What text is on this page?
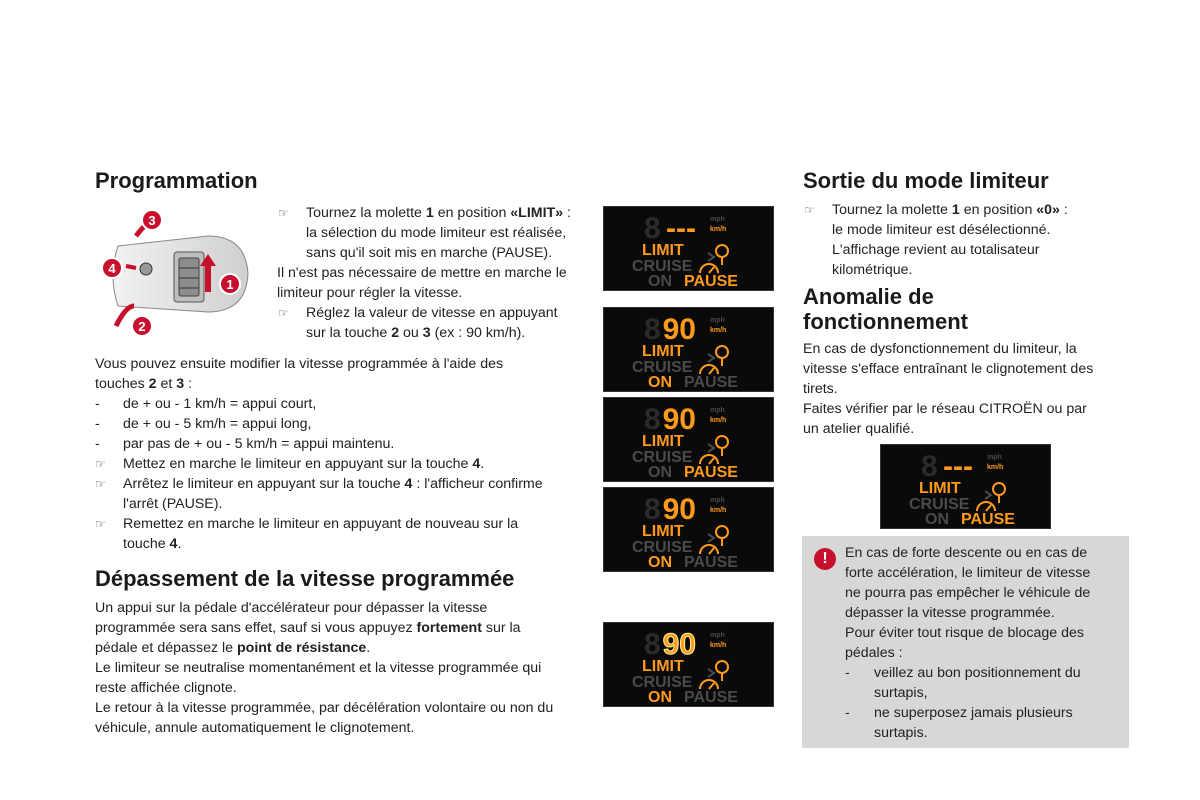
Programmation
3
4
1
2
☞ Tournez la molette 1 en position «LIMIT» :
la sélection du mode limiteur est réalisée,
sans qu'il soit mis en marche (PAUSE).
Il n'est pas nécessaire de mettre en marche le
limiteur pour régler la vitesse.
☞ Réglez la valeur de vitesse en appuyant
sur la touche 2 ou 3 (ex : 90 km/h).
Vous pouvez ensuite modifier la vitesse programmée à l'aide des
touches 2 et 3 :
- de + ou - 1 km/h = appui court,
- de + ou - 5 km/h = appui long,
- par pas de + ou - 5 km/h = appui maintenu.
☞ Mettez en marche le limiteur en appuyant sur la touche 4.
☞ Arrêtez le limiteur en appuyant sur la touche 4 : l'afficheur confirme
l'arrêt (PAUSE).
☞ Remettez en marche le limiteur en appuyant de nouveau sur la
touche 4.
Dépassement de la vitesse programmée
Un appui sur la pédale d'accélérateur pour dépasser la vitesse
programmée sera sans effet, sauf si vous appuyez fortement sur la
pédale et dépassez le point de résistance.
Le limiteur se neutralise momentanément et la vitesse programmée qui
reste affichée clignote.
Le retour à la vitesse programmée, par décélération volontaire ou non du
véhicule, annule automatiquement le clignotement.
---
8	mph
km/h
LIMIT
CRUISE
ON PAUSE
90
8	mph
km/h
LIMIT
CRUISE
ON PAUSE
90
8	mph
km/h
LIMIT
CRUISE
ON PAUSE
90
8	mph
km/h
LIMIT
CRUISE
ON PAUSE
90
8	mph
km/h
LIMIT
CRUISE
ON PAUSE
Sortie du mode limiteur
☞ Tournez la molette 1 en position «0» :
le mode limiteur est désélectionné.
L'affichage revient au totalisateur
kilométrique.
Anomalie de
fonctionnement
En cas de dysfonctionnement du limiteur, la
vitesse s'efface entraînant le clignotement des
tirets.
Faites vérifier par le réseau CITROËN ou par
un atelier qualifié.
---
8	mph
km/h
LIMIT
CRUISE
ON PAUSE
!	En cas de forte descente ou en cas de
forte accélération, le limiteur de vitesse
ne pourra pas empêcher le véhicule de
dépasser la vitesse programmée.
Pour éviter tout risque de blocage des
pédales :
- veillez au bon positionnement du
surtapis,
- ne superposez jamais plusieurs
surtapis.
